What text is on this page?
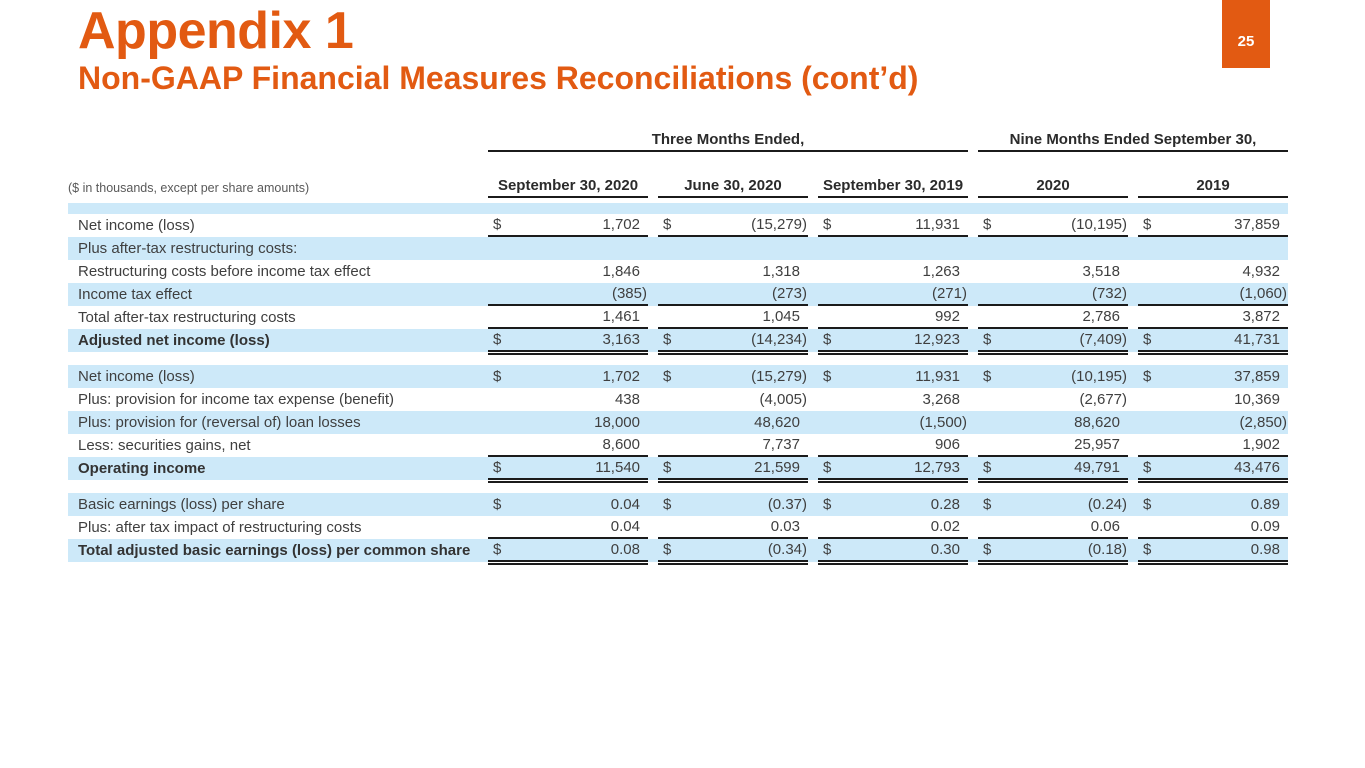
Appendix 1
Non-GAAP Financial Measures Reconciliations (cont’d)
25
Three Months Ended,	Nine Months Ended September 30,
($ in thousands, except per share amounts)	September 30, 2020	June 30, 2020	September 30, 2019	2020	2019
Net income (loss)	$	1,702	$	(15,279)	$	11,931	$	(10,195)	$	37,859
Plus after-tax restructuring costs:
Restructuring costs before income tax effect	1,846	1,318	1,263	3,518	4,932
Income tax effect	(385)	(273)	(271)	(732)	(1,060)
Total after-tax restructuring costs	1,461	1,045	992	2,786	3,872
Adjusted net income (loss)	$	3,163	$	(14,234)	$	12,923	$	(7,409)	$	41,731
Net income (loss)	$	1,702	$	(15,279)	$	11,931	$	(10,195)	$	37,859
Plus: provision for income tax expense (benefit)	438	(4,005)	3,268	(2,677)	10,369
Plus: provision for (reversal of) loan losses	18,000	48,620	(1,500)	88,620	(2,850)
Less: securities gains, net	8,600	7,737	906	25,957	1,902
Operating income	$	11,540	$	21,599	$	12,793	$	49,791	$	43,476
Basic earnings (loss) per share	$	0.04	$	(0.37)	$	0.28	$	(0.24)	$	0.89
Plus: after tax impact of restructuring costs	0.04	0.03	0.02	0.06	0.09
Total adjusted basic earnings (loss) per common share	$	0.08	$	(0.34)	$	0.30	$	(0.18)	$	0.98
